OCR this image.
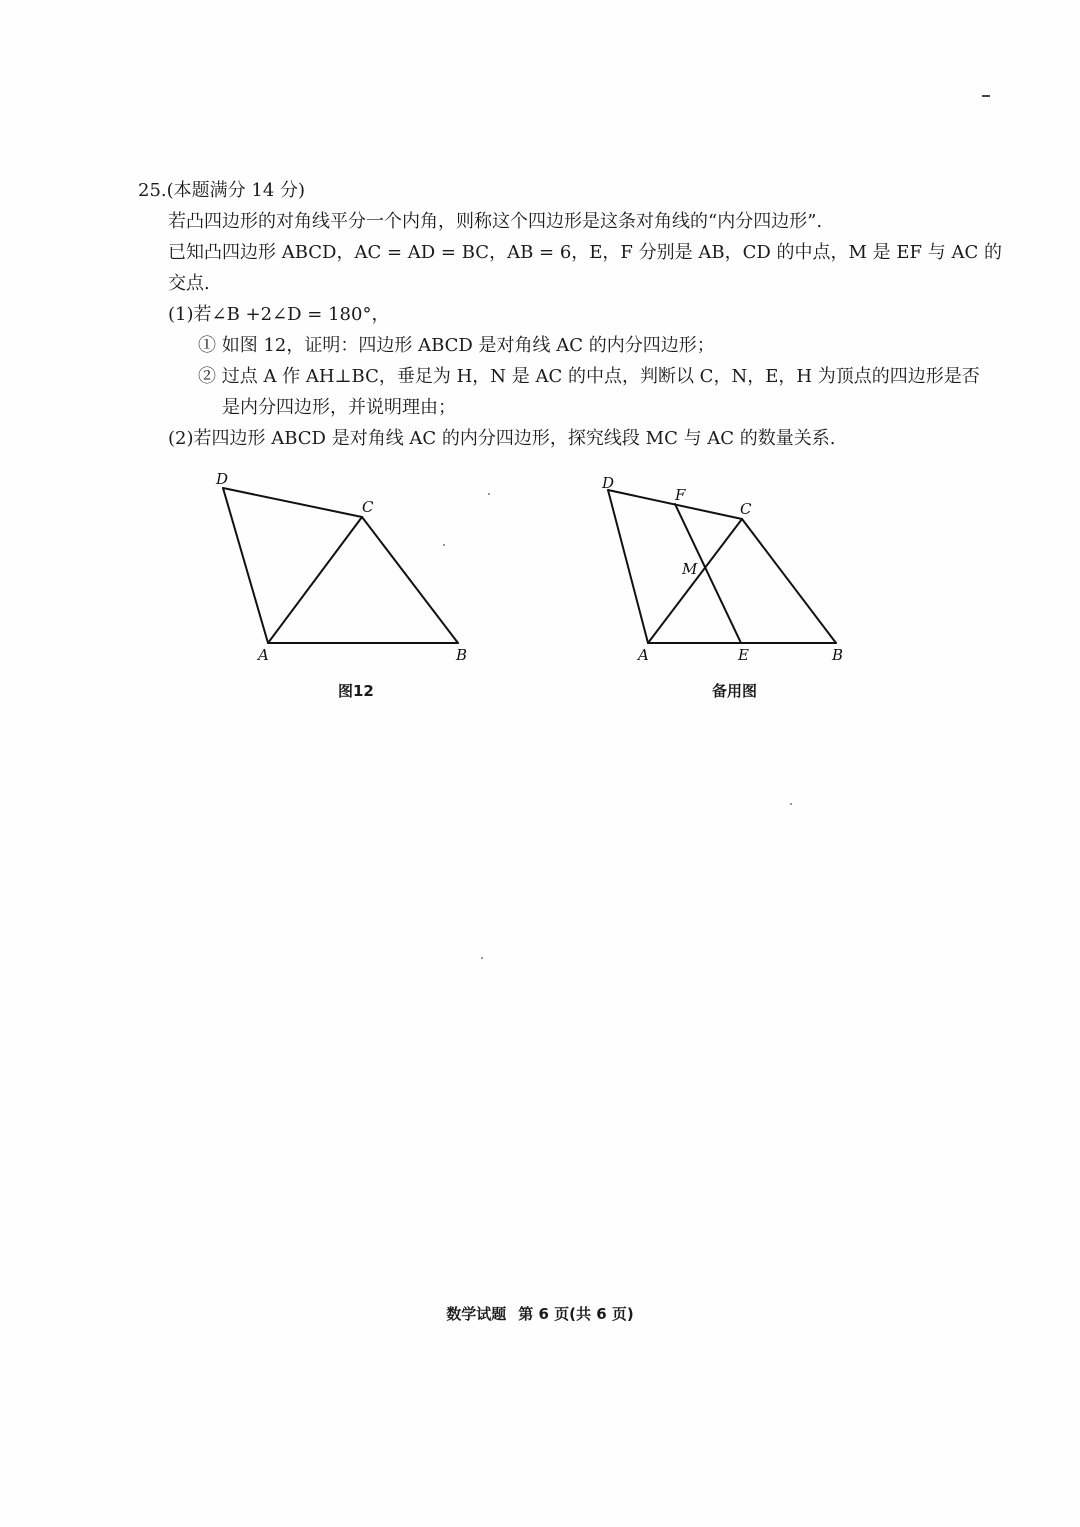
25.(本题满分 14 分)
若凸四边形的对角线平分一个内角，则称这个四边形是这条对角线的“内分四边形”.
已知凸四边形 ABCD，AC = AD = BC，AB = 6，E，F 分别是 AB，CD 的中点，M 是 EF 与 AC 的
交点.
(1)若∠B +2∠D = 180°，
① 如图 12，证明：四边形 ABCD 是对角线 AC 的内分四边形；
② 过点 A 作 AH⊥BC，垂足为 H，N 是 AC 的中点，判断以 C，N，E，H 为顶点的四边形是否
是内分四边形，并说明理由；
(2)若四边形 ABCD 是对角线 AC 的内分四边形，探究线段 MC 与 AC 的数量关系.
D
C
A	B
图12
D
F
C
M
A	E	B
备用图
数学试题 第 6 页(共 6 页)
